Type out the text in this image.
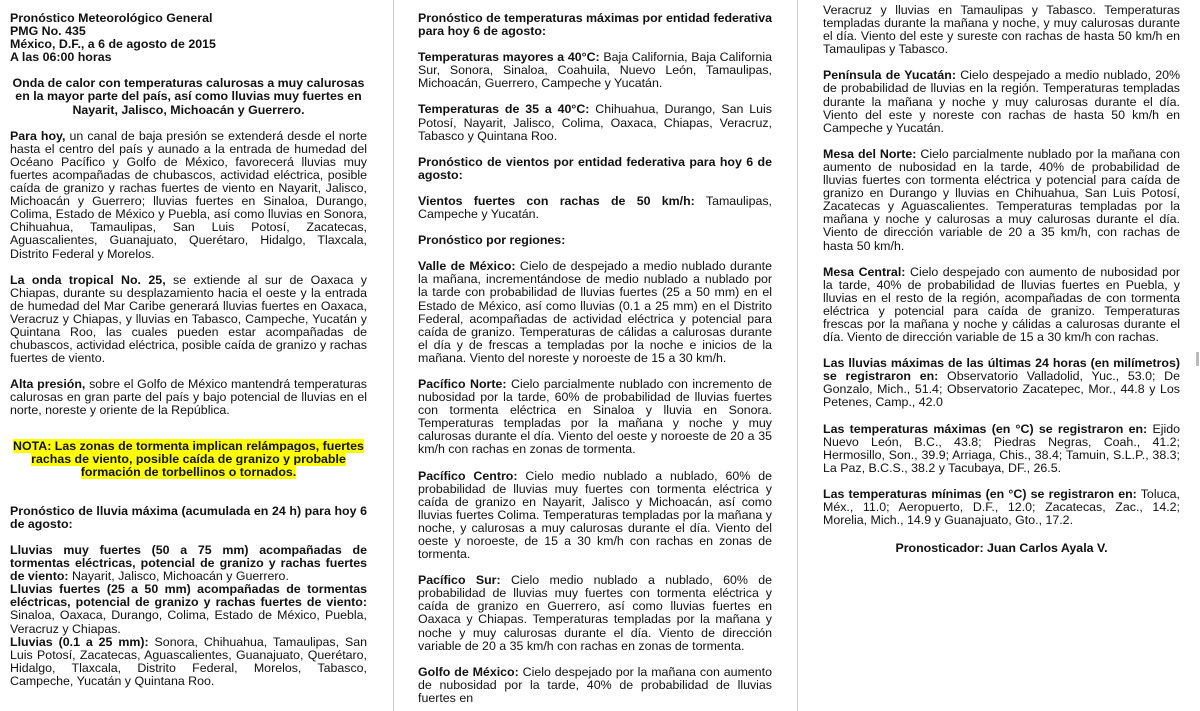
Pronóstico Meteorológico General
PMG No. 435
México, D.F., a 6 de agosto de 2015
A las 06:00 horas

Onda de calor con temperaturas calurosas a muy calurosas en la mayor parte del país, así como lluvias muy fuertes en Nayarit, Jalisco, Michoacán y Guerrero.

Para hoy, un canal de baja presión se extenderá desde el norte hasta el centro del país y aunado a la entrada de humedad del Océano Pacífico y Golfo de México, favorecerá lluvias muy fuertes acompañadas de chubascos, actividad eléctrica, posible caída de granizo y rachas fuertes de viento en Nayarit, Jalisco, Michoacán y Guerrero; lluvias fuertes en Sinaloa, Durango, Colima, Estado de México y Puebla, así como lluvias en Sonora, Chihuahua, Tamaulipas, San Luis Potosí, Zacatecas, Aguascalientes, Guanajuato, Querétaro, Hidalgo, Tlaxcala, Distrito Federal y Morelos.

La onda tropical No. 25, se extiende al sur de Oaxaca y Chiapas, durante su desplazamiento hacia el oeste y la entrada de humedad del Mar Caribe generará lluvias fuertes en Oaxaca, Veracruz y Chiapas, y lluvias en Tabasco, Campeche, Yucatán y Quintana Roo, las cuales pueden estar acompañadas de chubascos, actividad eléctrica, posible caída de granizo y rachas fuertes de viento.

Alta presión, sobre el Golfo de México mantendrá temperaturas calurosas en gran parte del país y bajo potencial de lluvias en el norte, noreste y oriente de la República.

NOTA: Las zonas de tormenta implican relámpagos, fuertes rachas de viento, posible caída de granizo y probable formación de torbellinos o tornados.

Pronóstico de lluvia máxima (acumulada en 24 h) para hoy 6 de agosto:

Lluvias muy fuertes (50 a 75 mm) acompañadas de tormentas eléctricas, potencial de granizo y rachas fuertes de viento: Nayarit, Jalisco, Michoacán y Guerrero.

Lluvias fuertes (25 a 50 mm) acompañadas de tormentas eléctricas, potencial de granizo y rachas fuertes de viento: Sinaloa, Oaxaca, Durango, Colima, Estado de México, Puebla, Veracruz y Chiapas.

Lluvias (0.1 a 25 mm): Sonora, Chihuahua, Tamaulipas, San Luis Potosí, Zacatecas, Aguascalientes, Guanajuato, Querétaro, Hidalgo, Tlaxcala, Distrito Federal, Morelos, Tabasco, Campeche, Yucatán y Quintana Roo.

Pronóstico de temperaturas máximas por entidad federativa para hoy 6 de agosto:

Temperaturas mayores a 40°C: Baja California, Baja California Sur, Sonora, Sinaloa, Coahuila, Nuevo León, Tamaulipas, Michoacán, Guerrero, Campeche y Yucatán.

Temperaturas de 35 a 40°C: Chihuahua, Durango, San Luis Potosí, Nayarit, Jalisco, Colima, Oaxaca, Chiapas, Veracruz, Tabasco y Quintana Roo.

Pronóstico de vientos por entidad federativa para hoy 6 de agosto:

Vientos fuertes con rachas de 50 km/h: Tamaulipas, Campeche y Yucatán.

Pronóstico por regiones:

Valle de México: Cielo de despejado a medio nublado durante la mañana, incrementándose de medio nublado a nublado por la tarde con probabilidad de lluvias fuertes (25 a 50 mm) en el Estado de México, así como lluvias (0.1 a 25 mm) en el Distrito Federal, acompañadas de actividad eléctrica y potencial para caída de granizo. Temperaturas de cálidas a calurosas durante el día y de frescas a templadas por la noche e inicios de la mañana. Viento del noreste y noroeste de 15 a 30 km/h.

Pacífico Norte: Cielo parcialmente nublado con incremento de nubosidad por la tarde, 60% de probabilidad de lluvias fuertes con tormenta eléctrica en Sinaloa y lluvia en Sonora. Temperaturas templadas por la mañana y noche y muy calurosas durante el día. Viento del oeste y noroeste de 20 a 35 km/h con rachas en zonas de tormenta.

Pacífico Centro: Cielo medio nublado a nublado, 60% de probabilidad de lluvias muy fuertes con tormenta eléctrica y caída de granizo en Nayarit, Jalisco y Michoacán, así como lluvias fuertes Colima. Temperaturas templadas por la mañana y noche, y calurosas a muy calurosas durante el día. Viento del oeste y noroeste, de 15 a 30 km/h con rachas en zonas de tormenta.

Pacífico Sur: Cielo medio nublado a nublado, 60% de probabilidad de lluvias muy fuertes con tormenta eléctrica y caída de granizo en Guerrero, así como lluvias fuertes en Oaxaca y Chiapas. Temperaturas templadas por la mañana y noche y muy calurosas durante el día. Viento de dirección variable de 20 a 35 km/h con rachas en zonas de tormenta.

Golfo de México: Cielo despejado por la mañana con aumento de nubosidad por la tarde, 40% de probabilidad de lluvias fuertes en

Veracruz y lluvias en Tamaulipas y Tabasco. Temperaturas templadas durante la mañana y noche, y muy calurosas durante el día. Viento del este y sureste con rachas de hasta 50 km/h en Tamaulipas y Tabasco.

Península de Yucatán: Cielo despejado a medio nublado, 20% de probabilidad de lluvias en la región. Temperaturas templadas durante la mañana y noche y muy calurosas durante el día. Viento del este y noreste con rachas de hasta 50 km/h en Campeche y Yucatán.

Mesa del Norte: Cielo parcialmente nublado por la mañana con aumento de nubosidad en la tarde, 40% de probabilidad de lluvias fuertes con tormenta eléctrica y potencial para caída de granizo en Durango y lluvias en Chihuahua, San Luis Potosí, Zacatecas y Aguascalientes. Temperaturas templadas por la mañana y noche y calurosas a muy calurosas durante el día. Viento de dirección variable de 20 a 35 km/h, con rachas de hasta 50 km/h.

Mesa Central: Cielo despejado con aumento de nubosidad por la tarde, 40% de probabilidad de lluvias fuertes en Puebla, y lluvias en el resto de la región, acompañadas de con tormenta eléctrica y potencial para caída de granizo. Temperaturas frescas por la mañana y noche y cálidas a calurosas durante el día. Viento de dirección variable de 15 a 30 km/h con rachas.

Las lluvias máximas de las últimas 24 horas (en milímetros) se registraron en: Observatorio Valladolid, Yuc., 53.0; De Gonzalo, Mich., 51.4; Observatorio Zacatepec, Mor., 44.8 y Los Petenes, Camp., 42.0

Las temperaturas máximas (en °C) se registraron en: Ejido Nuevo León, B.C., 43.8; Piedras Negras, Coah., 41.2; Hermosillo, Son., 39.9; Arriaga, Chis., 38.4; Tamuin, S.L.P., 38.3; La Paz, B.C.S., 38.2 y Tacubaya, DF., 26.5.

Las temperaturas mínimas (en °C) se registraron en: Toluca, Méx., 11.0; Aeropuerto, D.F., 12.0; Zacatecas, Zac., 14.2; Morelia, Mich., 14.9 y Guanajuato, Gto., 17.2.

Pronosticador: Juan Carlos Ayala V.
